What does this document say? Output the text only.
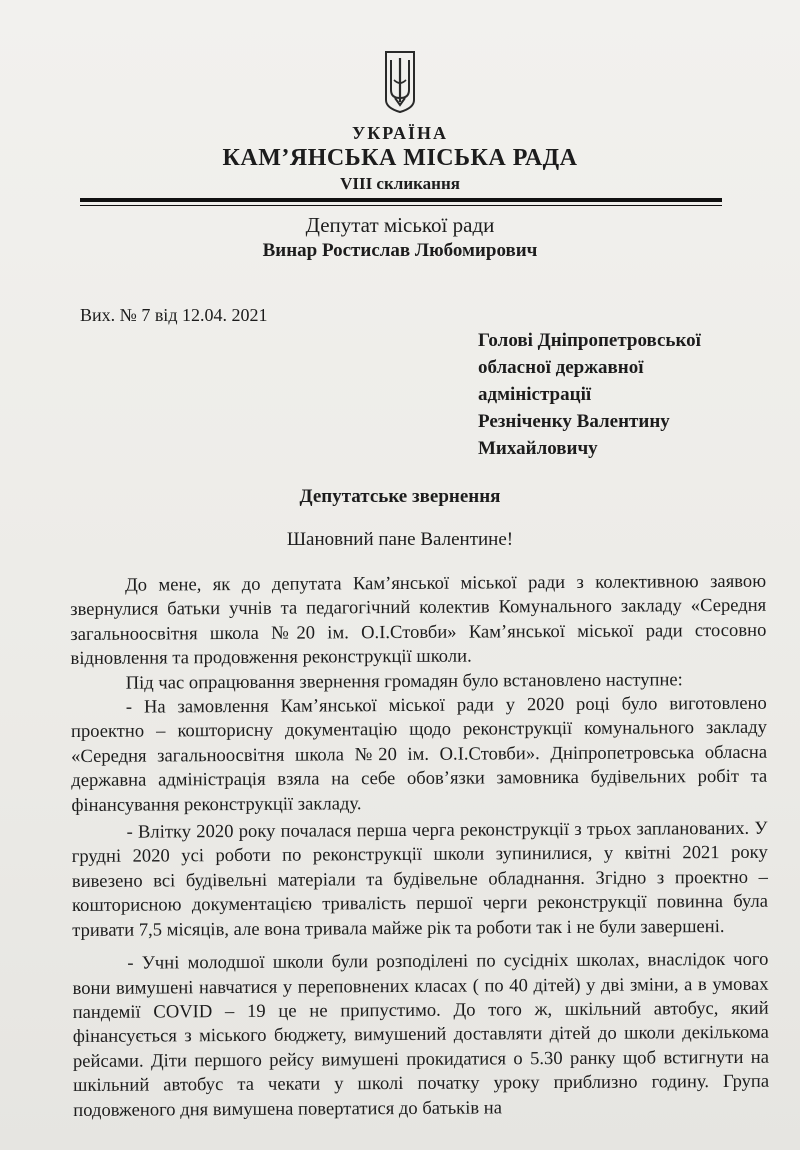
УКРАЇНА
КАМ’ЯНСЬКА МІСЬКА РАДА
VIII скликання
Депутат міської ради
Винар Ростислав Любомирович
Вих. № 7 від 12.04. 2021
Голові Дніпропетровської
обласної державної
адміністрації
Резніченку Валентину
Михайловичу
Депутатське звернення
Шановний пане Валентине!

До мене, як до депутата Кам’янської міської ради з колективною заявою звернулися батьки учнів та педагогічний колектив Комунального закладу «Середня загальноосвітня школа №20 ім. О.І.Стовби» Кам’янської міської ради стосовно відновлення та продовження реконструкції школи.

Під час опрацювання звернення громадян було встановлено наступне:

- На замовлення Кам’янської міської ради у 2020 році було виготовлено проектно – кошторисну документацію щодо реконструкції комунального закладу «Середня загальноосвітня школа №20 ім. О.І.Стовби». Дніпропетровська обласна державна адміністрація взяла на себе обов’язки замовника будівельних робіт та фінансування реконструкції закладу.

- Влітку 2020 року почалася перша черга реконструкції з трьох запланованих. У грудні 2020 усі роботи по реконструкції школи зупинилися, у квітні 2021 року вивезено всі будівельні матеріали та будівельне обладнання. Згідно з проектно – кошторисною документацією тривалість першої черги реконструкції повинна була тривати 7,5 місяців, але вона тривала майже рік та роботи так і не були завершені.

- Учні молодшої школи були розподілені по сусідніх школах, внаслідок чого вони вимушені навчатися у переповнених класах ( по 40 дітей) у дві зміни, а в умовах пандемії COVID – 19 це не припустимо. До того ж, шкільний автобус, який фінансується з міського бюджету, вимушений доставляти дітей до школи декількома рейсами. Діти першого рейсу вимушені прокидатися о 5.30 ранку щоб встигнути на шкільний автобус та чекати у школі початку уроку приблизно годину. Група подовженого дня вимушена повертатися до батьків на
